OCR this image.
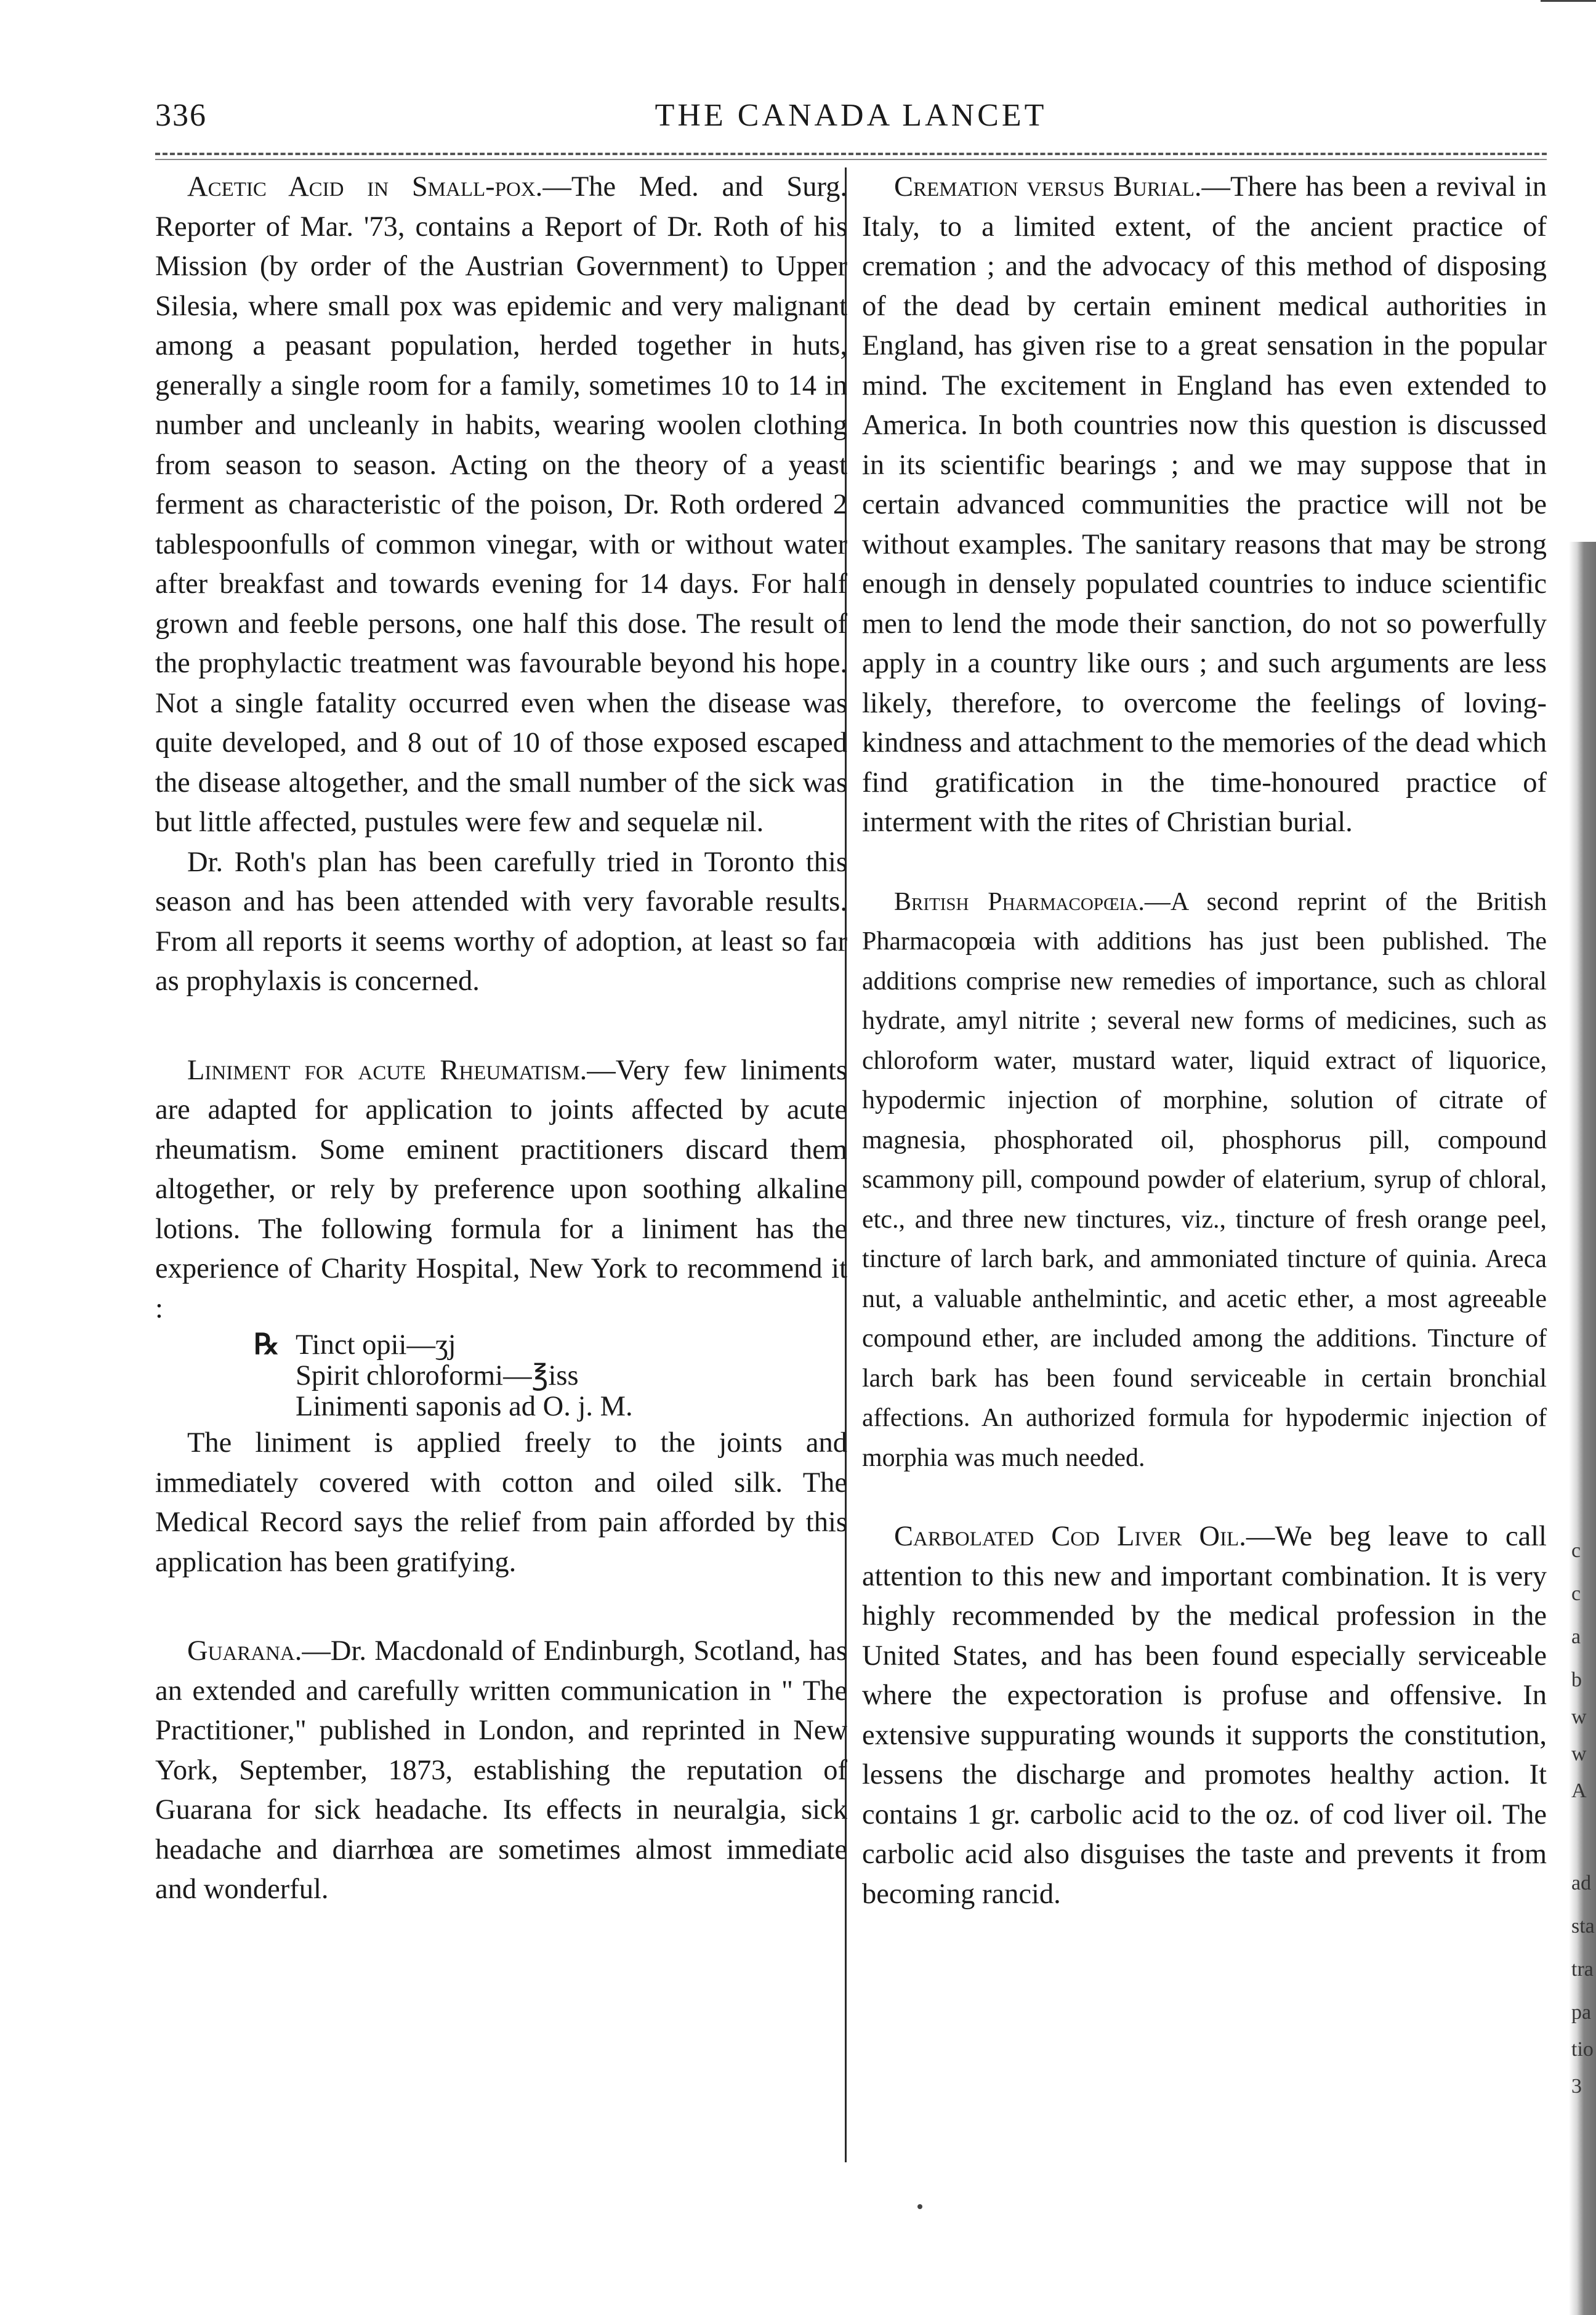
336	THE CANADA LANCET

Acetic Acid in Small-pox.—The Med. and Surg. Reporter of Mar. '73, contains a Report of Dr. Roth of his Mission (by order of the Austrian Government) to Upper Silesia, where small pox was epidemic and very malignant among a peasant population, herded together in huts, generally a single room for a family, sometimes 10 to 14 in number and uncleanly in habits, wearing woolen clothing from season to season. Acting on the theory of a yeast ferment as characteristic of the poison, Dr. Roth ordered 2 tablespoonfulls of common vinegar, with or without water after breakfast and towards evening for 14 days. For half grown and feeble persons, one half this dose. The result of the prophylactic treatment was favourable beyond his hope. Not a single fatality occurred even when the disease was quite developed, and 8 out of 10 of those exposed escaped the disease altogether, and the small number of the sick was but little affected, pustules were few and sequelæ nil.

Dr. Roth's plan has been carefully tried in Toronto this season and has been attended with very favorable results. From all reports it seems worthy of adoption, at least so far as prophylaxis is concerned.

Liniment for acute Rheumatism.—Very few liniments are adapted for application to joints affected by acute rheumatism. Some eminent practitioners discard them altogether, or rely by preference upon soothing alkaline lotions. The following formula for a liniment has the experience of Charity Hospital, New York to recommend it :

℞ Tinct opii—ʒj
Spirit chloroformi—℥iss
Linimenti saponis ad O. j. M.

The liniment is applied freely to the joints and immediately covered with cotton and oiled silk. The Medical Record says the relief from pain afforded by this application has been gratifying.

Guarana.—Dr. Macdonald of Endinburgh, Scotland, has an extended and carefully written communication in " The Practitioner," published in London, and reprinted in New York, September, 1873, establishing the reputation of Guarana for sick headache. Its effects in neuralgia, sick headache and diarrhœa are sometimes almost immediate and wonderful.

Cremation versus Burial.—There has been a revival in Italy, to a limited extent, of the ancient practice of cremation ; and the advocacy of this method of disposing of the dead by certain eminent medical authorities in England, has given rise to a great sensation in the popular mind. The excitement in England has even extended to America. In both countries now this question is discussed in its scientific bearings ; and we may suppose that in certain advanced communities the practice will not be without examples. The sanitary reasons that may be strong enough in densely populated countries to induce scientific men to lend the mode their sanction, do not so powerfully apply in a country like ours ; and such arguments are less likely, therefore, to overcome the feelings of loving-kindness and attachment to the memories of the dead which find gratification in the time-honoured practice of interment with the rites of Christian burial.

British Pharmacopœia.—A second reprint of the British Pharmacopœia with additions has just been published. The additions comprise new remedies of importance, such as chloral hydrate, amyl nitrite ; several new forms of medicines, such as chloroform water, mustard water, liquid extract of liquorice, hypodermic injection of morphine, solution of citrate of magnesia, phosphorated oil, phosphorus pill, compound scammony pill, compound powder of elaterium, syrup of chloral, etc., and three new tinctures, viz., tincture of fresh orange peel, tincture of larch bark, and ammoniated tincture of quinia. Areca nut, a valuable anthelmintic, and acetic ether, a most agreeable compound ether, are included among the additions. Tincture of larch bark has been found serviceable in certain bronchial affections. An authorized formula for hypodermic injection of morphia was much needed.

Carbolated Cod Liver Oil.—We beg leave to call attention to this new and important combination. It is very highly recommended by the medical profession in the United States, and has been found especially serviceable where the expectoration is profuse and offensive. In extensive suppurating wounds it supports the constitution, lessens the discharge and promotes healthy action. It contains 1 gr. carbolic acid to the oz. of cod liver oil. The carbolic acid also disguises the taste and prevents it from becoming rancid.

c
c
a
b
w
w
A
ad
sta
tra
pa
tio
3
